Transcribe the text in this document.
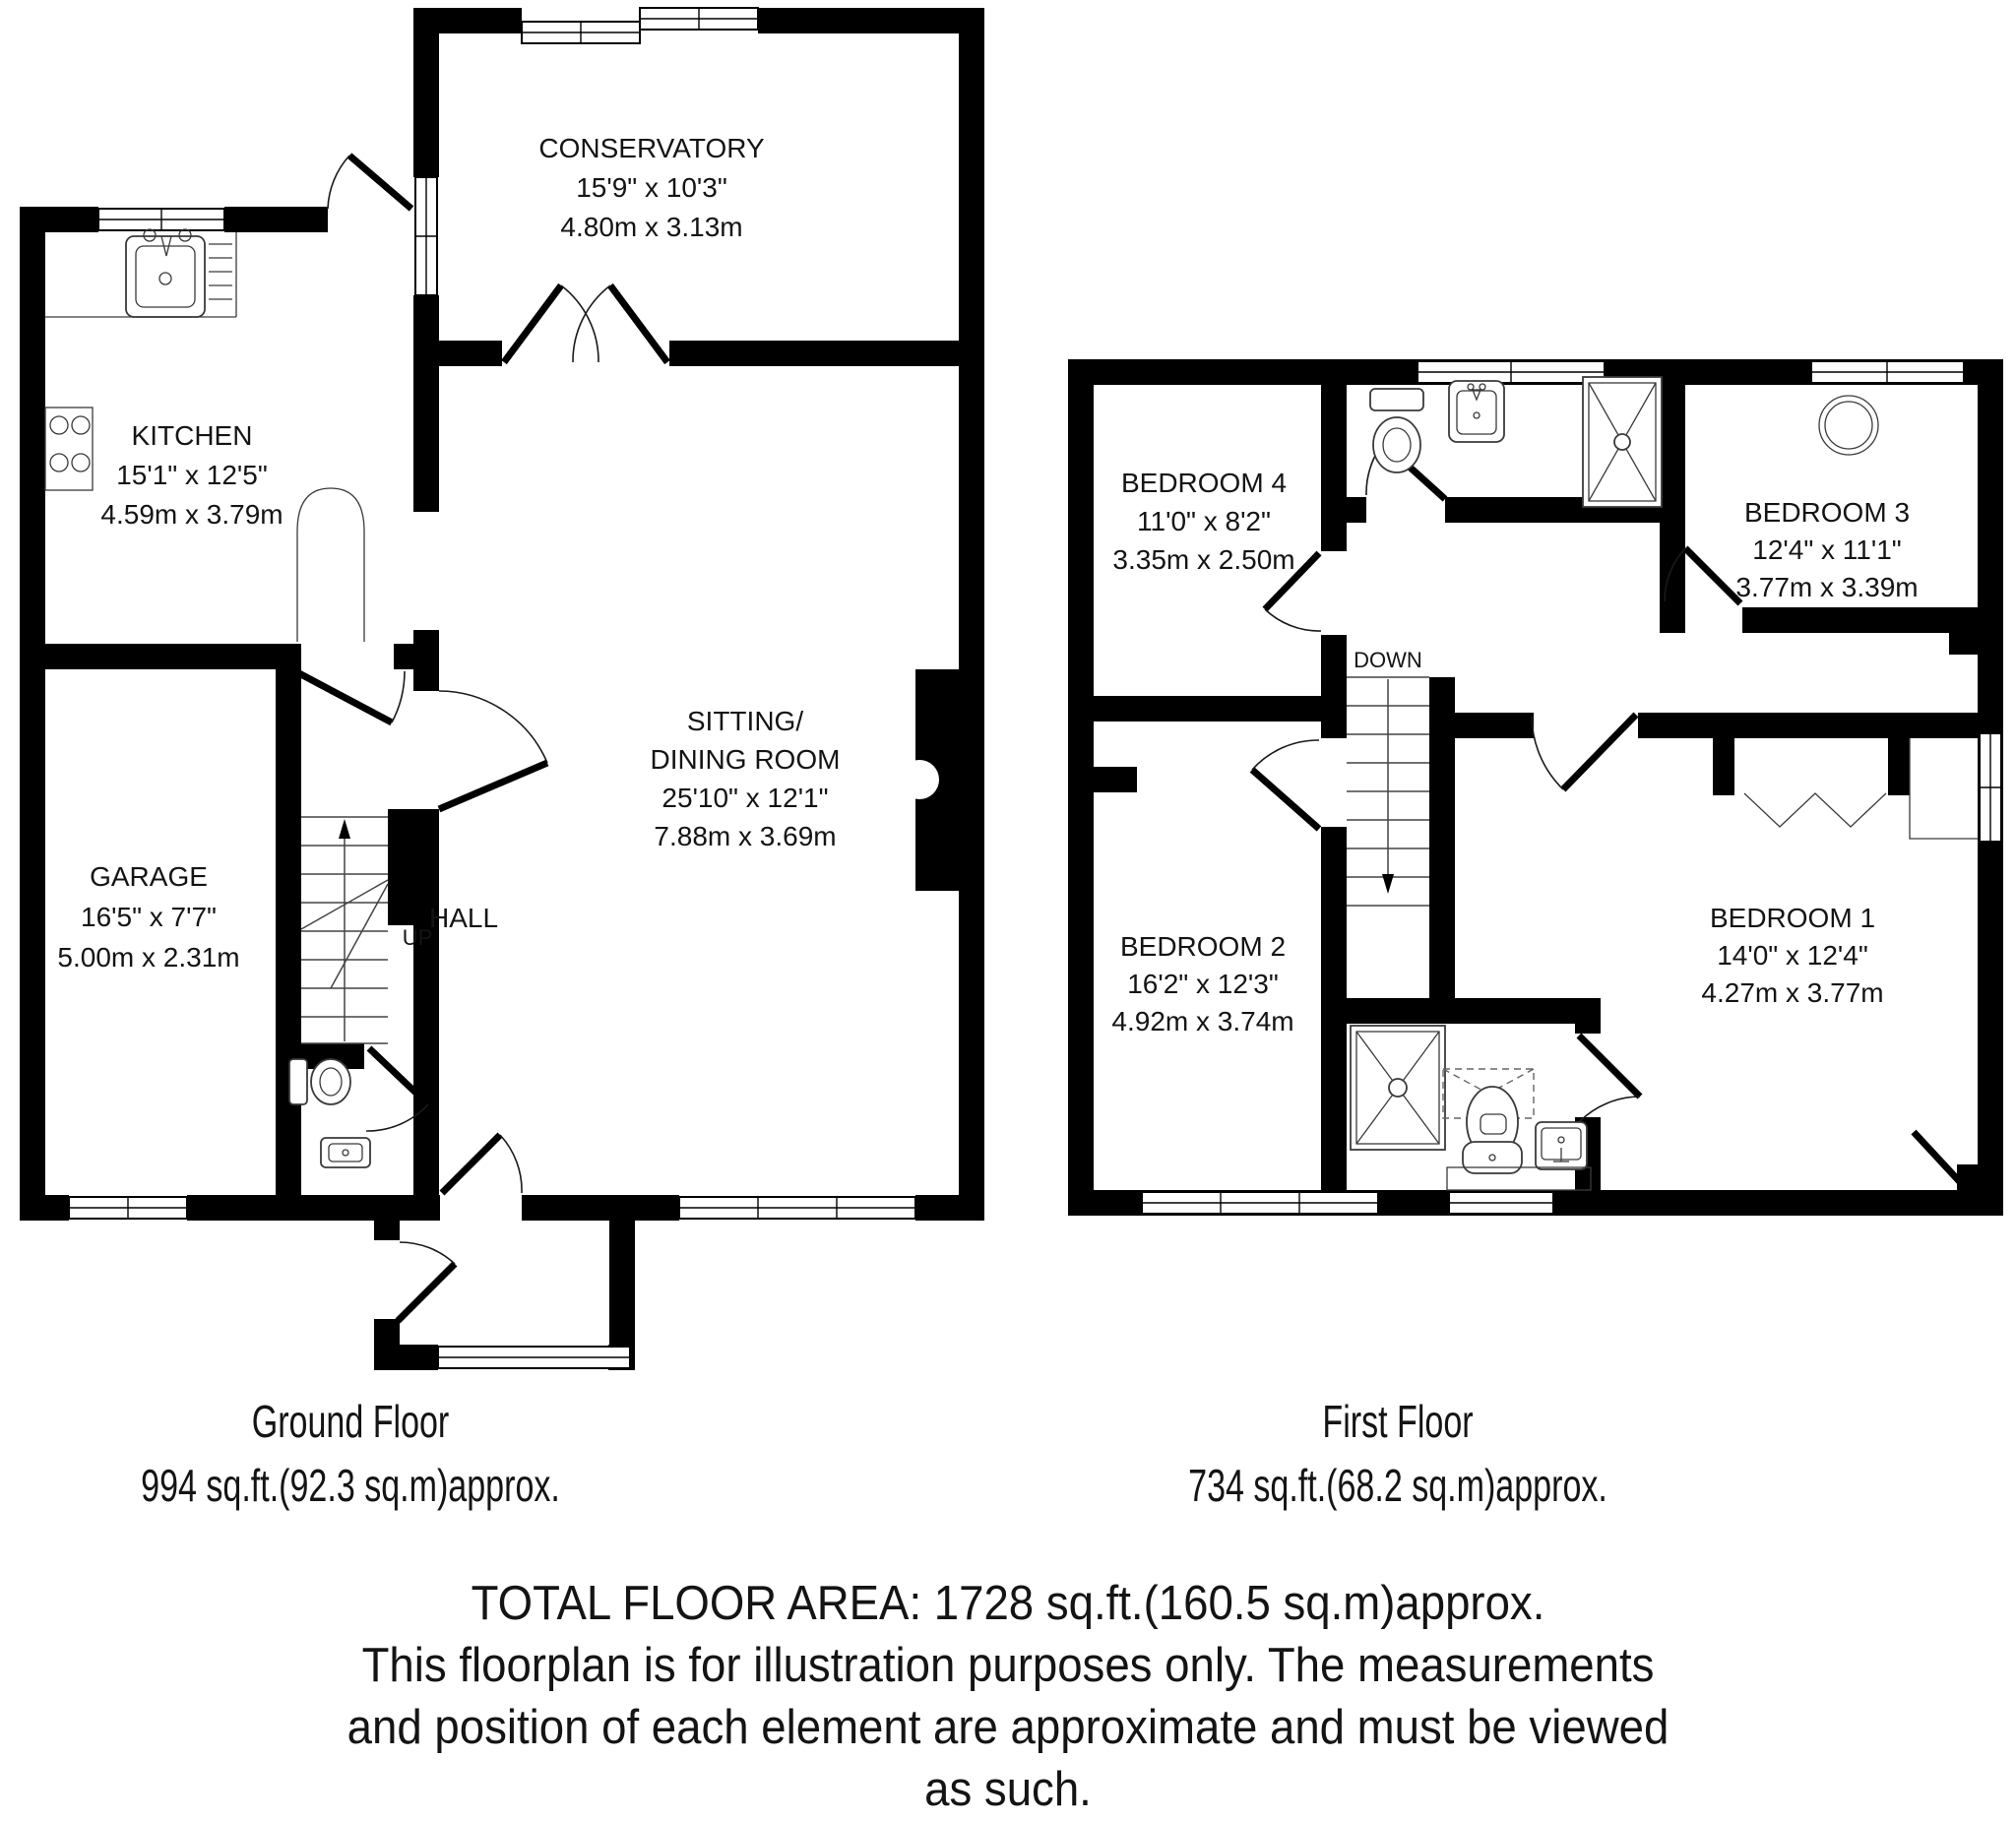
CONSERVATORY
15'9" x 10'3"
4.80m x 3.13m
KITCHEN
15'1" x 12'5"
4.59m x 3.79m
SITTING/
DINING ROOM
25'10" x 12'1"
7.88m x 3.69m
GARAGE
16'5" x 7'7"
5.00m x 2.31m
HALL
UP
BEDROOM 4
11'0" x 8'2"
3.35m x 2.50m
BEDROOM 3
12'4" x 11'1"
3.77m x 3.39m
BEDROOM 2
16'2" x 12'3"
4.92m x 3.74m
BEDROOM 1
14'0" x 12'4"
4.27m x 3.77m
DOWN
Ground Floor
994 sq.ft.(92.3 sq.m)approx.
First Floor
734 sq.ft.(68.2 sq.m)approx.
TOTAL FLOOR AREA: 1728 sq.ft.(160.5 sq.m)approx.
This floorplan is for illustration purposes only. The measurements
and position of each element are approximate and must be viewed
as such.
